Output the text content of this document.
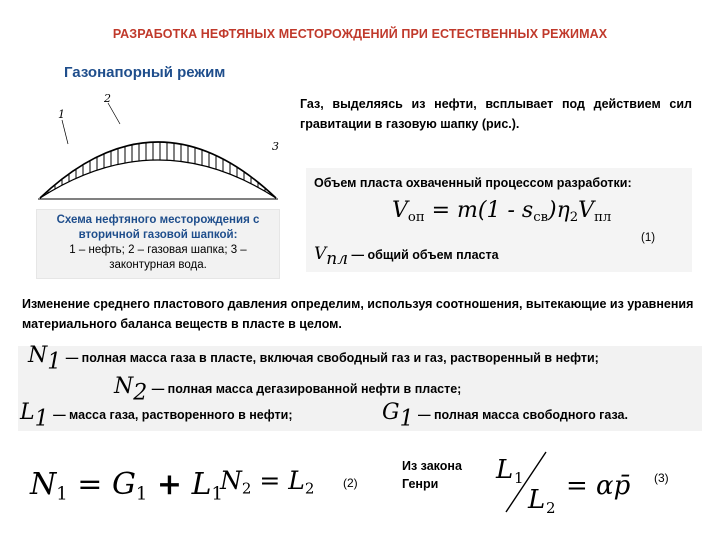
РАЗРАБОТКА НЕФТЯНЫХ МЕСТОРОЖДЕНИЙ ПРИ ЕСТЕСТВЕННЫХ РЕЖИМАХ
Газонапорный режим
1
2
3
Схема нефтяного месторождения с вторичной газовой шапкой:
1 – нефть; 2 – газовая шапка; 3 – законтурная вода.
Газ, выделяясь из нефти, всплывает под действием сил гравитации в газовую шапку (рис.).
Объем пласта охваченный процессом разработки:
$V_{оп} = m(1 - s_{св})\eta_2V_{пл}$
(1)
$V_{пл}$ — общий объем пласта
Изменение среднего пластового давления определим, используя соотношения, вытекающие из уравнения материального баланса веществ в пласте в целом.
$N_1$ — полная масса газа в пласте, включая свободный газ и газ, растворенный в нефти;
$N_2$ — полная масса дегазированной нефти в пласте;
$L_1$ — масса газа, растворенного в нефти;	$G_1$ — полная масса свободного газа.
$N_1 = G_1 + L_1$
$N_2 = L_2$ (2)
Из закона Генри	L 1
L 2
= αp̄ (3)
